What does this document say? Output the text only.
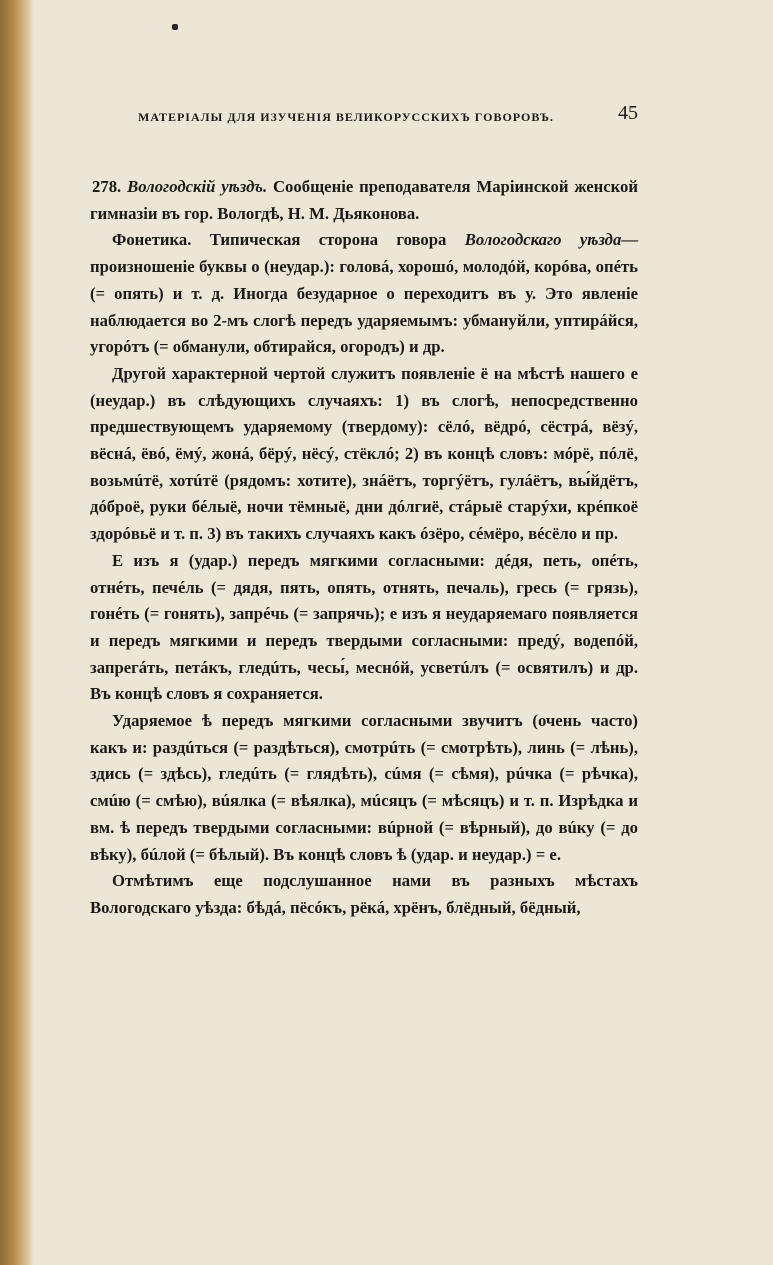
МАТЕРІАЛЫ ДЛЯ ИЗУЧЕНІЯ ВЕЛИКОРУССКИХЪ ГОВОРОВЪ.	45

278. Вологодскій уѣздъ. Сообщеніе преподавателя Маріинской женской гимназіи въ гор. Вологдѣ, Н. М. Дьяконова.

Фонетика. Типическая сторона говора Вологодскаго уѣзда— произношеніе буквы о (неудар.): головá, хорошó, молодóй, корóва, опéть (= опять) и т. д. Иногда безударное о переходитъ въ у. Это явленіе наблюдается во 2-мъ слогѣ передъ ударяемымъ: убмануйли, уптирáйся, угорóтъ (= обманули, обтирайся, огородъ) и др.

Другой характерной чертой служитъ появленіе ё на мѣстѣ нашего е (неудар.) въ слѣдующихъ случаяхъ: 1) въ слогѣ, непосредственно предшествующемъ ударяемому (твердому): сёлó, вёдрó, сёстрá, вёзý, вёснá, ёвó, ёмý, жонá, бёрý, нёсý, стёклó; 2) въ концѣ словъ: мóрё, пóлё, возьмúтё, хотúтё (рядомъ: хотите), знáётъ, торгýётъ, гулáётъ, вы́йдётъ, дóброё, руки бéлыё, ночи тёмныё, дни дóлгиё, стáрыё старýхи, крéпкоё здорóвьё и т. п. 3) въ такихъ случаяхъ какъ óзёро, сéмёро, вéсёло и пр.

Е изъ я (удар.) передъ мягкими согласными: дéдя, петь, опéть, отнéть, печéль (= дядя, пять, опять, отнять, печаль), гресь (= грязь), гонéть (= гонять), запрéчь (= запрячь); е изъ я неударяемаго появляется и передъ мягкими и передъ твердыми согласными: предý, водепóй, запрегáть, петáкъ, гледúть, чесы́, меснóй, усветúлъ (= освятилъ) и др. Въ концѣ словъ я сохраняется.

Ударяемое ѣ передъ мягкими согласными звучитъ (очень часто) какъ и: раздúться (= раздѣться), смотрúть (= смотрѣть), линь (= лѣнь), здись (= здѣсь), гледúть (= глядѣть), сúмя (= сѣмя), рúчка (= рѣчка), смúю (= смѣю), вúялка (= вѣялка), мúсяцъ (= мѣсяцъ) и т. п. Изрѣдка и вм. ѣ передъ твердыми согласными: вúрной (= вѣрный), до вúку (= до вѣку), бúлой (= бѣлый). Въ концѣ словъ ѣ (удар. и неудар.) = е.

Отмѣтимъ еще подслушанное нами въ разныхъ мѣстахъ Вологодскаго уѣзда: бѣдá, пёсóкъ, рёкá, хрёнъ, блёдный, бёдный,
